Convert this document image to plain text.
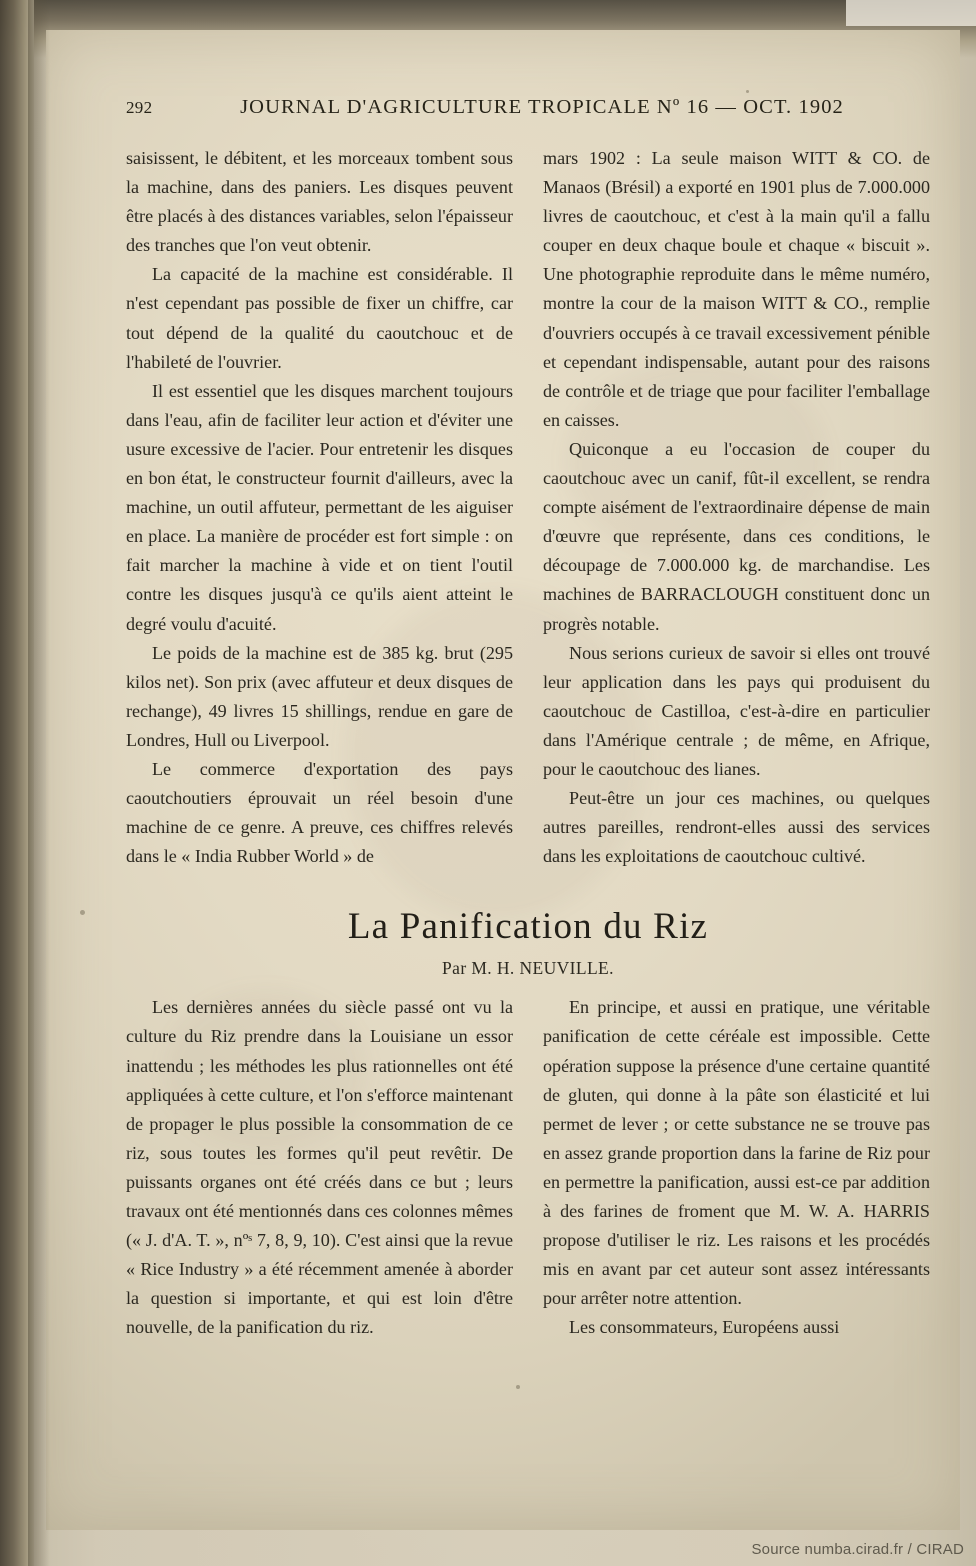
292	JOURNAL D'AGRICULTURE TROPICALE Nº 16 — OCT. 1902

saisissent, le débitent, et les morceaux tombent sous la machine, dans des paniers. Les disques peuvent être placés à des distances variables, selon l'épaisseur des tranches que l'on veut obtenir.

La capacité de la machine est considérable. Il n'est cependant pas possible de fixer un chiffre, car tout dépend de la qualité du caoutchouc et de l'habileté de l'ouvrier.

Il est essentiel que les disques marchent toujours dans l'eau, afin de faciliter leur action et d'éviter une usure excessive de l'acier. Pour entretenir les disques en bon état, le constructeur fournit d'ailleurs, avec la machine, un outil affuteur, permettant de les aiguiser en place. La manière de procéder est fort simple : on fait marcher la machine à vide et on tient l'outil contre les disques jusqu'à ce qu'ils aient atteint le degré voulu d'acuité.

Le poids de la machine est de 385 kg. brut (295 kilos net). Son prix (avec affuteur et deux disques de rechange), 49 livres 15 shillings, rendue en gare de Londres, Hull ou Liverpool.

Le commerce d'exportation des pays caoutchoutiers éprouvait un réel besoin d'une machine de ce genre. A preuve, ces chiffres relevés dans le « India Rubber World » de

mars 1902 : La seule maison WITT & CO. de Manaos (Brésil) a exporté en 1901 plus de 7.000.000 livres de caoutchouc, et c'est à la main qu'il a fallu couper en deux chaque boule et chaque « biscuit ». Une photographie reproduite dans le même numéro, montre la cour de la maison WITT & CO., remplie d'ouvriers occupés à ce travail excessivement pénible et cependant indispensable, autant pour des raisons de contrôle et de triage que pour faciliter l'emballage en caisses.

Quiconque a eu l'occasion de couper du caoutchouc avec un canif, fût-il excellent, se rendra compte aisément de l'extraordinaire dépense de main d'œuvre que représente, dans ces conditions, le découpage de 7.000.000 kg. de marchandise. Les machines de BARRACLOUGH constituent donc un progrès notable.

Nous serions curieux de savoir si elles ont trouvé leur application dans les pays qui produisent du caoutchouc de Castilloa, c'est-à-dire en particulier dans l'Amérique centrale ; de même, en Afrique, pour le caoutchouc des lianes.

Peut-être un jour ces machines, ou quelques autres pareilles, rendront-elles aussi des services dans les exploitations de caoutchouc cultivé.

La Panification du Riz
Par M. H. NEUVILLE.

Les dernières années du siècle passé ont vu la culture du Riz prendre dans la Louisiane un essor inattendu ; les méthodes les plus rationnelles ont été appliquées à cette culture, et l'on s'efforce maintenant de propager le plus possible la consommation de ce riz, sous toutes les formes qu'il peut revêtir. De puissants organes ont été créés dans ce but ; leurs travaux ont été mentionnés dans ces colonnes mêmes (« J. d'A. T. », nºˢ 7, 8, 9, 10). C'est ainsi que la revue « Rice Industry » a été récemment amenée à aborder la question si importante, et qui est loin d'être nouvelle, de la panification du riz.

En principe, et aussi en pratique, une véritable panification de cette céréale est impossible. Cette opération suppose la présence d'une certaine quantité de gluten, qui donne à la pâte son élasticité et lui permet de lever ; or cette substance ne se trouve pas en assez grande proportion dans la farine de Riz pour en permettre la panification, aussi est-ce par addition à des farines de froment que M. W. A. HARRIS propose d'utiliser le riz. Les raisons et les procédés mis en avant par cet auteur sont assez intéressants pour arrêter notre attention.

Les consommateurs, Européens aussi

Source numba.cirad.fr / CIRAD
